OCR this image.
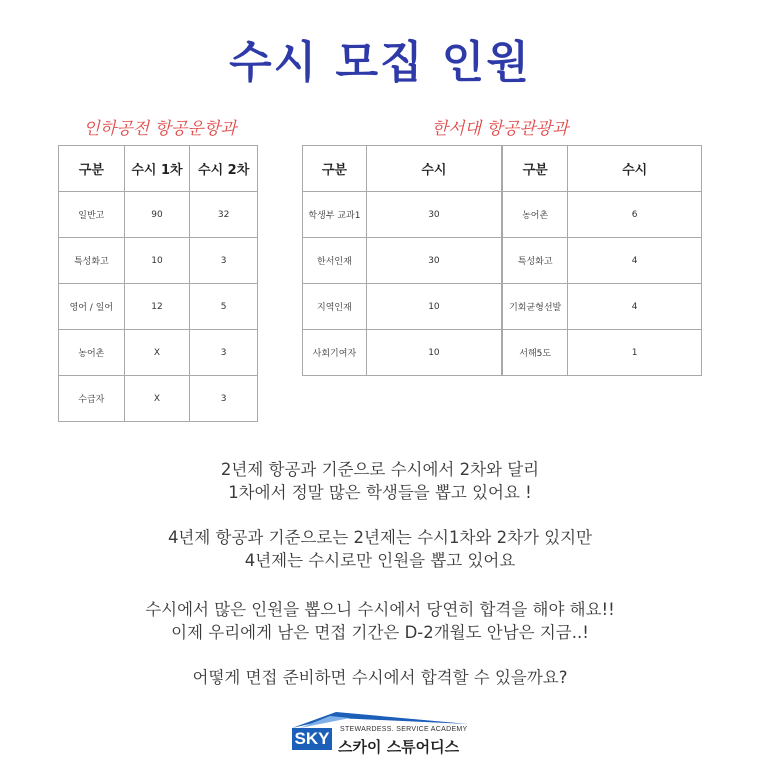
수시 모집 인원
인하공전 항공운항과	한서대 항공관광과
구분	수시 1차	수시 2차
일반고	90	32
특성화고	10	3
영어 / 일어	12	5
농어촌	X	3
수급자	X	3
구분	수시	구분	수시
학생부 교과1	30	농어촌	6
한서인재	30	특성화고	4
지역인재	10	기회균형선발	4
사회기여자	10	서해5도	1
2년제 항공과 기준으로 수시에서 2차와 달리
1차에서 정말 많은 학생들을 뽑고 있어요 !
4년제 항공과 기준으로는 2년제는 수시1차와 2차가 있지만
4년제는 수시로만 인원을 뽑고 있어요
수시에서 많은 인원을 뽑으니 수시에서 당연히 합격을 해야 해요!!
이제 우리에게 남은 면접 기간은 D-2개월도 안남은 지금..!
어떻게 면접 준비하면 수시에서 합격할 수 있을까요?
SKY	STEWARDESS. SERVICE ACADEMY
스카이 스튜어디스
